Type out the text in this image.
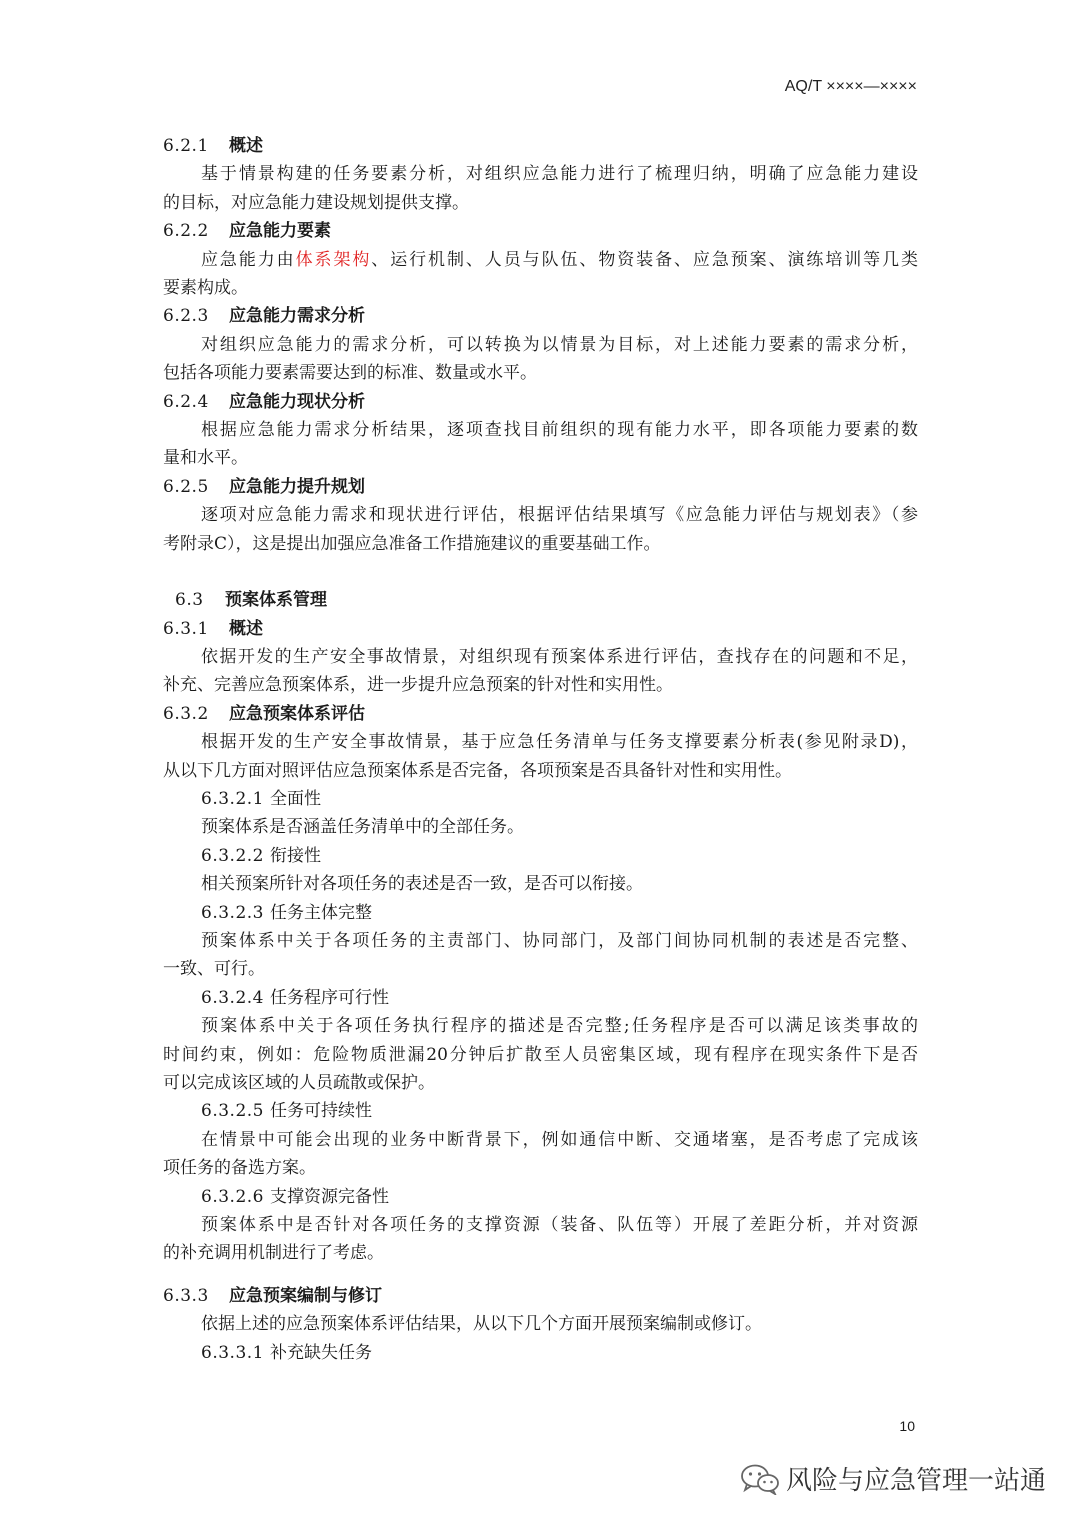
AQ/T ××××—××××
6.2.1 概述
基于情景构建的任务要素分析，对组织应急能力进行了梳理归纳，明确了应急能力建设
的目标，对应急能力建设规划提供支撑。
6.2.2 应急能力要素
应急能力由体系架构、运行机制、人员与队伍、物资装备、应急预案、演练培训等几类
要素构成。
6.2.3 应急能力需求分析
对组织应急能力的需求分析，可以转换为以情景为目标，对上述能力要素的需求分析，
包括各项能力要素需要达到的标准、数量或水平。
6.2.4 应急能力现状分析
根据应急能力需求分析结果，逐项查找目前组织的现有能力水平，即各项能力要素的数
量和水平。
6.2.5 应急能力提升规划
逐项对应急能力需求和现状进行评估，根据评估结果填写《应急能力评估与规划表》（参
考附录C），这是提出加强应急准备工作措施建议的重要基础工作。
6.3 预案体系管理
6.3.1 概述
依据开发的生产安全事故情景，对组织现有预案体系进行评估，查找存在的问题和不足，
补充、完善应急预案体系，进一步提升应急预案的针对性和实用性。
6.3.2 应急预案体系评估
根据开发的生产安全事故情景，基于应急任务清单与任务支撑要素分析表(参见附录D)，
从以下几方面对照评估应急预案体系是否完备，各项预案是否具备针对性和实用性。
6.3.2.1 全面性
预案体系是否涵盖任务清单中的全部任务。
6.3.2.2 衔接性
相关预案所针对各项任务的表述是否一致，是否可以衔接。
6.3.2.3 任务主体完整
预案体系中关于各项任务的主责部门、协同部门，及部门间协同机制的表述是否完整、
一致、可行。
6.3.2.4 任务程序可行性
预案体系中关于各项任务执行程序的描述是否完整;任务程序是否可以满足该类事故的
时间约束，例如：危险物质泄漏20分钟后扩散至人员密集区域，现有程序在现实条件下是否
可以完成该区域的人员疏散或保护。
6.3.2.5 任务可持续性
在情景中可能会出现的业务中断背景下，例如通信中断、交通堵塞，是否考虑了完成该
项任务的备选方案。
6.3.2.6 支撑资源完备性
预案体系中是否针对各项任务的支撑资源（装备、队伍等）开展了差距分析，并对资源
的补充调用机制进行了考虑。
6.3.3 应急预案编制与修订
依据上述的应急预案体系评估结果，从以下几个方面开展预案编制或修订。
6.3.3.1 补充缺失任务
10
风险与应急管理一站通
